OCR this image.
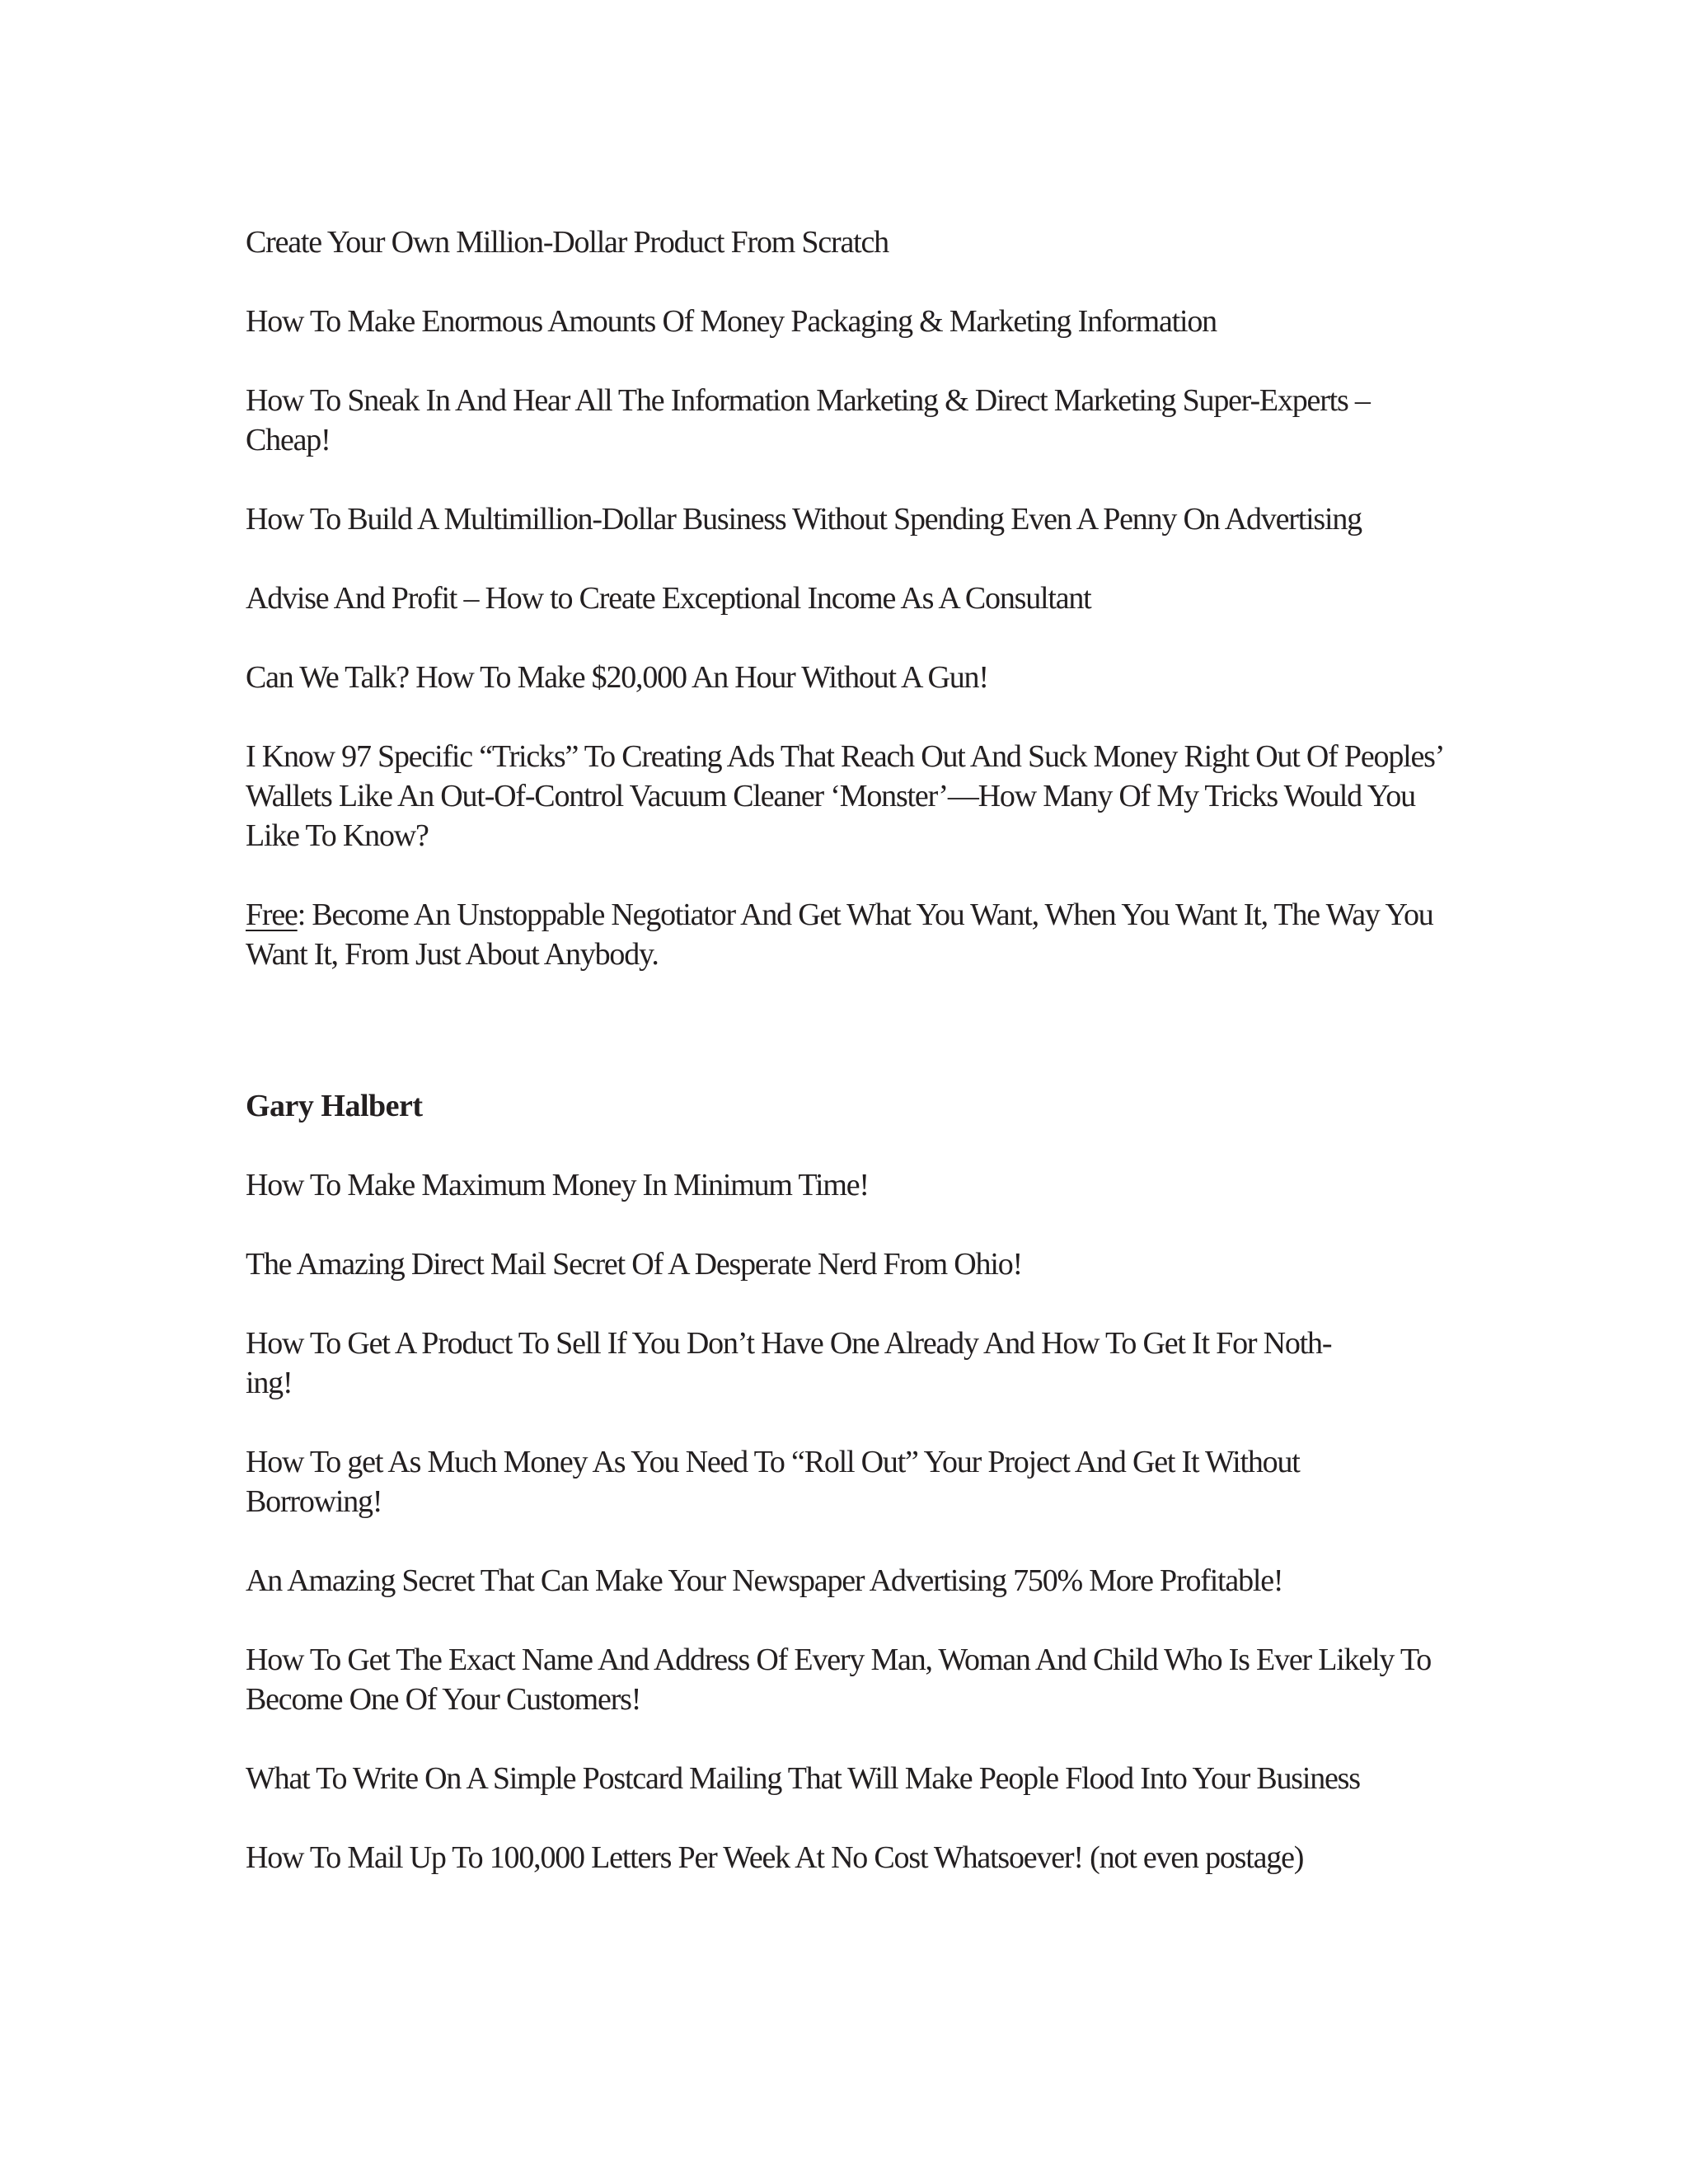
Create Your Own Million-Dollar Product From Scratch

How To Make Enormous Amounts Of Money Packaging & Marketing Information

How To Sneak In And Hear All The Information Marketing & Direct Marketing Super-Experts – Cheap!

How To Build A Multimillion-Dollar Business Without Spending Even A Penny On Advertising

Advise And Profit – How to Create Exceptional Income As A Consultant

Can We Talk? How To Make $20,000 An Hour Without A Gun!

I Know 97 Specific “Tricks” To Creating Ads That Reach Out And Suck Money Right Out Of Peoples’ Wallets Like An Out-Of-Control Vacuum Cleaner ‘Monster’—How Many Of My Tricks Would You Like To Know?

Free: Become An Unstoppable Negotiator And Get What You Want, When You Want It, The Way You Want It, From Just About Anybody.

Gary Halbert

How To Make Maximum Money In Minimum Time!

The Amazing Direct Mail Secret Of A Desperate Nerd From Ohio!

How To Get A Product To Sell If You Don’t Have One Already And How To Get It For Noth-
ing!

How To get As Much Money As You Need To “Roll Out” Your Project And Get It Without Borrowing!

An Amazing Secret That Can Make Your Newspaper Advertising 750% More Profitable!

How To Get The Exact Name And Address Of Every Man, Woman And Child Who Is Ever Likely To Become One Of Your Customers!

What To Write On A Simple Postcard Mailing That Will Make People Flood Into Your Business

How To Mail Up To 100,000 Letters Per Week At No Cost Whatsoever! (not even postage)
